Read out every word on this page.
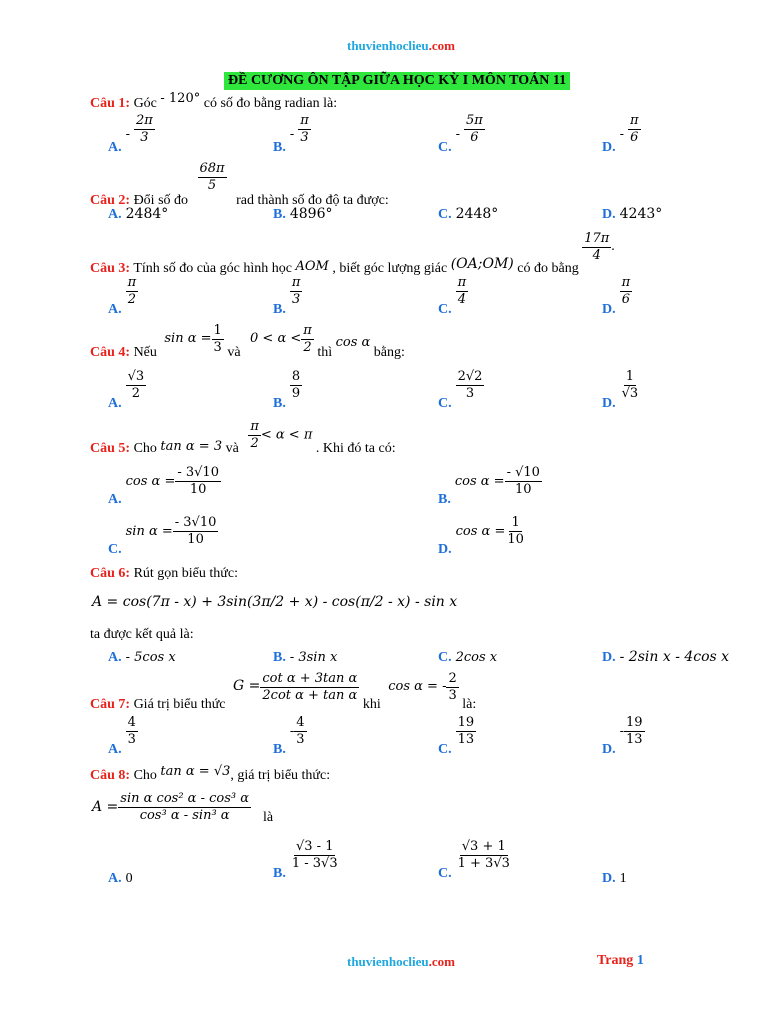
thuvienhoclieu.com
ĐỀ CƯƠNG ÔN TẬP GIỮA HỌC KỲ I MÔN TOÁN 11
Câu 1: Góc - 120° có số đo bằng radian là:
A. $_- \frac{2\pi}{3}$
B. $_- \frac{\pi}{3}$
C. $_- \frac{5\pi}{6}$
D. $_- \frac{\pi}{6}$
Câu 2: Đổi số đo
$\frac{68\pi}{5}$
rad thành số đo độ ta được:
A. 2484°	B. 4896°	C. 2448°	D. 4243°
Câu 3: Tính số đo của góc hình học AOM , biết góc lượng giác (OA;OM) có đo bằng
$\frac{17\pi}{4}$ .
A.
$\frac{\pi}{2}$
B.
$\frac{\pi}{3}$
C.
$\frac{\pi}{4}$
D.
$\frac{\pi}{6}$
Câu 4: Nếu $\sin \alpha = \frac{1}{3}$ và $0 < \alpha < \frac{\pi}{2}$ thì cos α bằng:
A.
$\frac{√3}{2}$
B.
$\frac{8}{9}$
C.
$\frac{2√2}{3}$
D.
$\frac{1}{√3}$
Câu 5: Cho tan α = 3 và $\frac{\pi}{2} < \alpha < \pi$ . Khi đó ta có:
A. $\cos \alpha = \frac{- 3√10}{10}$
B. $\cos \alpha = \frac{- √10}{10}$
C. $\sin \alpha = \frac{- 3√10}{10}$
D. $\cos \alpha = \frac{1}{10}$
Câu 6: Rút gọn biểu thức:
A = cos(7π - x) + 3sin(3π/2 + x) - cos(π/2 - x) - sin x
ta được kết quả là:
A. - 5cos x	B. - 3sin x	C. 2cos x	D. - 2sin x - 4cos x
Câu 7: Giá trị biểu thức $G = \frac{\text{cot α + 3tan α}}{\text{2cot α + tan α}}$
khi cos α = - $\frac{2}{3}$
là:
A.
$\frac{4}{3}$
B. - $\frac{4}{3}$
C.
$\frac{19}{13}$
D. - $\frac{19}{13}$
Câu 8: Cho tan α = √3, giá trị biểu thức:
$A = \frac{\text{sin α cos² α - cos³ α}}{\text{cos³ α - sin³ α}}$ là
A. 0	B.
$\frac{√3 - 1}{1 - 3√3}$
C.
$\frac{√3 + 1}{1 + 3√3}$
D. 1
thuvienhoclieu.com	Trang 1
